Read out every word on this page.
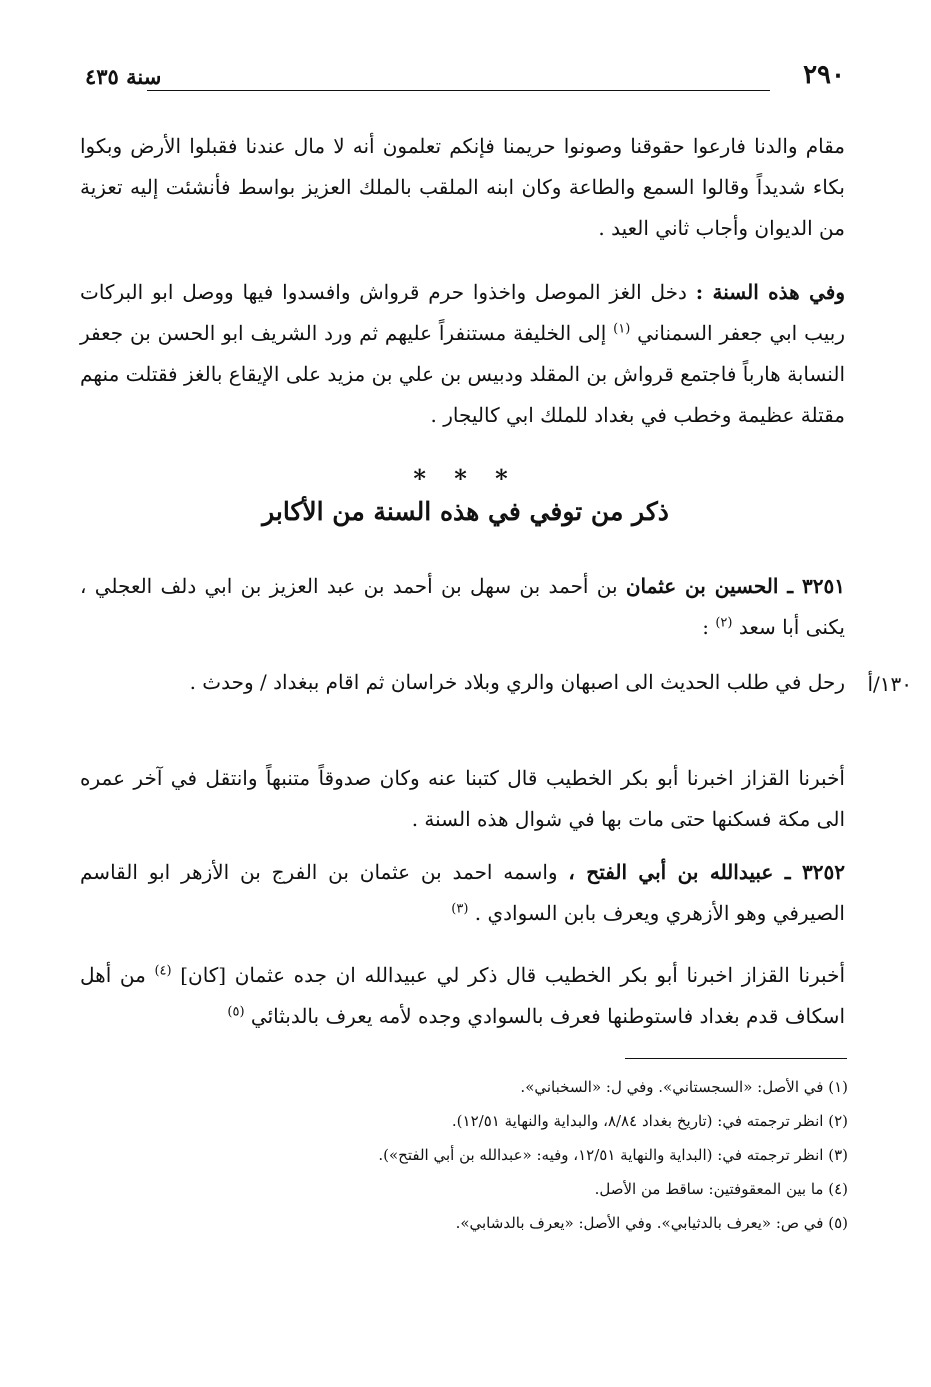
٢٩٠
سنة ٤٣٥
مقام والدنا فارعوا حقوقنا وصونوا حريمنا فإنكم تعلمون أنه لا مال عندنا فقبلوا الأرض وبكوا بكاء شديداً وقالوا السمع والطاعة وكان ابنه الملقب بالملك العزيز بواسط فأنشئت إليه تعزية من الديوان وأجاب ثاني العيد .
وفي هذه السنة : دخل الغز الموصل واخذوا حرم قرواش وافسدوا فيها ووصل ابو البركات ربيب ابي جعفر السمناني $^{(١)}$ إلى الخليفة مستنفراً عليهم ثم ورد الشريف ابو الحسن بن جعفر النسابة هارباً فاجتمع قرواش بن المقلد ودبيس بن علي بن مزيد على الإيقاع بالغز فقتلت منهم مقتلة عظيمة وخطب في بغداد للملك ابي كاليجار .
* * *
ذكر من توفي في هذه السنة من الأكابر
٣٢٥١ ـ الحسين بن عثمان بن أحمد بن سهل بن أحمد بن عبد العزيز بن ابي دلف العجلي ، يكنى أبا سعد $^{(٢)}$ :
١٣٠/أ
رحل في طلب الحديث الى اصبهان والري وبلاد خراسان ثم اقام ببغداد / وحدث .
أخبرنا القزاز اخبرنا أبو بكر الخطيب قال كتبنا عنه وكان صدوقاً متنبهاً وانتقل في آخر عمره الى مكة فسكنها حتى مات بها في شوال هذه السنة .
٣٢٥٢ ـ عبيدالله بن أبي الفتح ، واسمه احمد بن عثمان بن الفرج بن الأزهر ابو القاسم الصيرفي وهو الأزهري ويعرف بابن السوادي . $^{(٣)}$
أخبرنا القزاز اخبرنا أبو بكر الخطيب قال ذكر لي عبيدالله ان جده عثمان [كان] $^{(٤)}$ من أهل اسكاف قدم بغداد فاستوطنها فعرف بالسوادي وجده لأمه يعرف بالدبثائي $^{(٥)}$
(١) في الأصل: «السجستاني». وفي ل: «السخباني».
(٢) انظر ترجمته في: (تاريخ بغداد ٨/٨٤، والبداية والنهاية ١٢/٥١).
(٣) انظر ترجمته في: (البداية والنهاية ١٢/٥١، وفيه: «عبدالله بن أبي الفتح»).
(٤) ما بين المعقوفتين: ساقط من الأصل.
(٥) في ص: «يعرف بالدثيابي». وفي الأصل: «يعرف بالدشابي».
